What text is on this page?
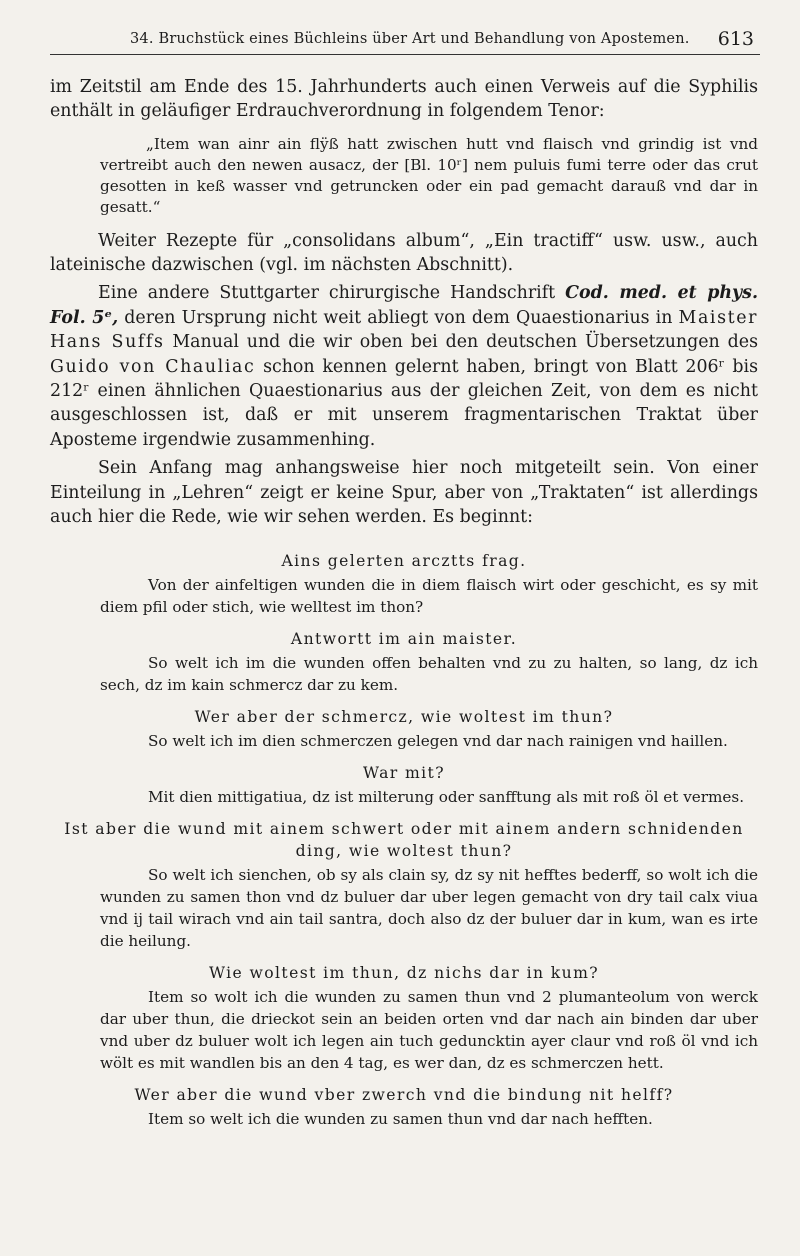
34. Bruchstück eines Büchleins über Art und Behandlung von Apostemen. 613

im Zeitstil am Ende des 15. Jahrhunderts auch einen Verweis auf die Syphilis enthält in geläufiger Erdrauchverordnung in folgendem Tenor:

„Item wan ainr ain flÿß hatt zwischen hutt vnd flaisch vnd grindig ist vnd vertreibt auch den newen ausacz, der [Bl. 10ʳ] nem puluis fumi terre oder das crut gesotten in keß wasser vnd getruncken oder ein pad gemacht darauß vnd dar in gesatt.“

Weiter Rezepte für „consolidans album“, „Ein tractiff“ usw. usw., auch lateinische dazwischen (vgl. im nächsten Abschnitt).

Eine andere Stuttgarter chirurgische Handschrift Cod. med. et phys. Fol. 5ᵉ, deren Ursprung nicht weit abliegt von dem Quaestionarius in Maister Hans Suffs Manual und die wir oben bei den deutschen Übersetzungen des Guido von Chauliac schon kennen gelernt haben, bringt von Blatt 206ʳ bis 212ʳ einen ähnlichen Quaestionarius aus der gleichen Zeit, von dem es nicht ausgeschlossen ist, daß er mit unserem fragmentarischen Traktat über Aposteme irgendwie zusammenhing.

Sein Anfang mag anhangsweise hier noch mitgeteilt sein. Von einer Einteilung in „Lehren“ zeigt er keine Spur, aber von „Traktaten“ ist allerdings auch hier die Rede, wie wir sehen werden. Es beginnt:

Ains gelerten arcztts frag.
Von der ainfeltigen wunden die in diem flaisch wirt oder geschicht, es sy mit diem pfil oder stich, wie welltest im thon?
Antwortt im ain maister.
So welt ich im die wunden offen behalten vnd zu zu halten, so lang, dz ich sech, dz im kain schmercz dar zu kem.
Wer aber der schmercz, wie woltest im thun?
So welt ich im dien schmerczen gelegen vnd dar nach rainigen vnd haillen.
War mit?
Mit dien mittigatiua, dz ist milterung oder sanfftung als mit roß öl et vermes.
Ist aber die wund mit ainem schwert oder mit ainem andern schnidenden ding, wie woltest thun?
So welt ich sienchen, ob sy als clain sy, dz sy nit hefftes bederff, so wolt ich die wunden zu samen thon vnd dz buluer dar uber legen gemacht von dry tail calx viua vnd ij tail wirach vnd ain tail santra, doch also dz der buluer dar in kum, wan es irte die heilung.
Wie woltest im thun, dz nichs dar in kum?
Item so wolt ich die wunden zu samen thun vnd 2 plumanteolum von werck dar uber thun, die drieckot sein an beiden orten vnd dar nach ain binden dar uber vnd uber dz buluer wolt ich legen ain tuch geduncktin ayer claur vnd roß öl vnd ich wölt es mit wandlen bis an den 4 tag, es wer dan, dz es schmerczen hett.
Wer aber die wund vber zwerch vnd die bindung nit helff?
Item so welt ich die wunden zu samen thun vnd dar nach hefften.
